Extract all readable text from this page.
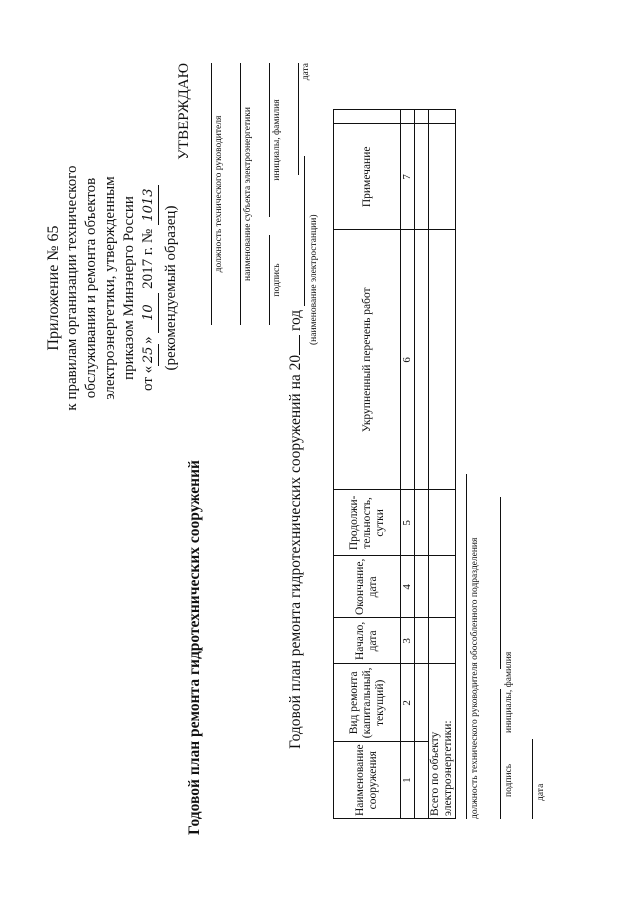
Приложение № 65 к правилам организации технического обслуживания и ремонта объектов электроэнергетики, утвержденным приказом Минэнерго России от «25» 10 2017 г. № 1013
(рекомендуемый образец)
Годовой план ремонта гидротехнических сооружений
УТВЕРЖДАЮ
должность технического руководителя наименование субъекта электроэнергетики подпись
инициалы, фамилия
дата
Годовой план ремонта гидротехнических сооружений на 20 год (наименование электростанции)
Наименование сооружения	Вид ремонта (капитальный, текущий)	Начало, дата	Окончание, дата	Продолжи-тельность, сутки	Укрупненный перечень работ	Примечание	
1	2	3	4	5	6	7	

Всего по объекту электроэнергетики:							должность технического руководителя обособленного подразделения	подпись
инициалы, фамилия
дата
